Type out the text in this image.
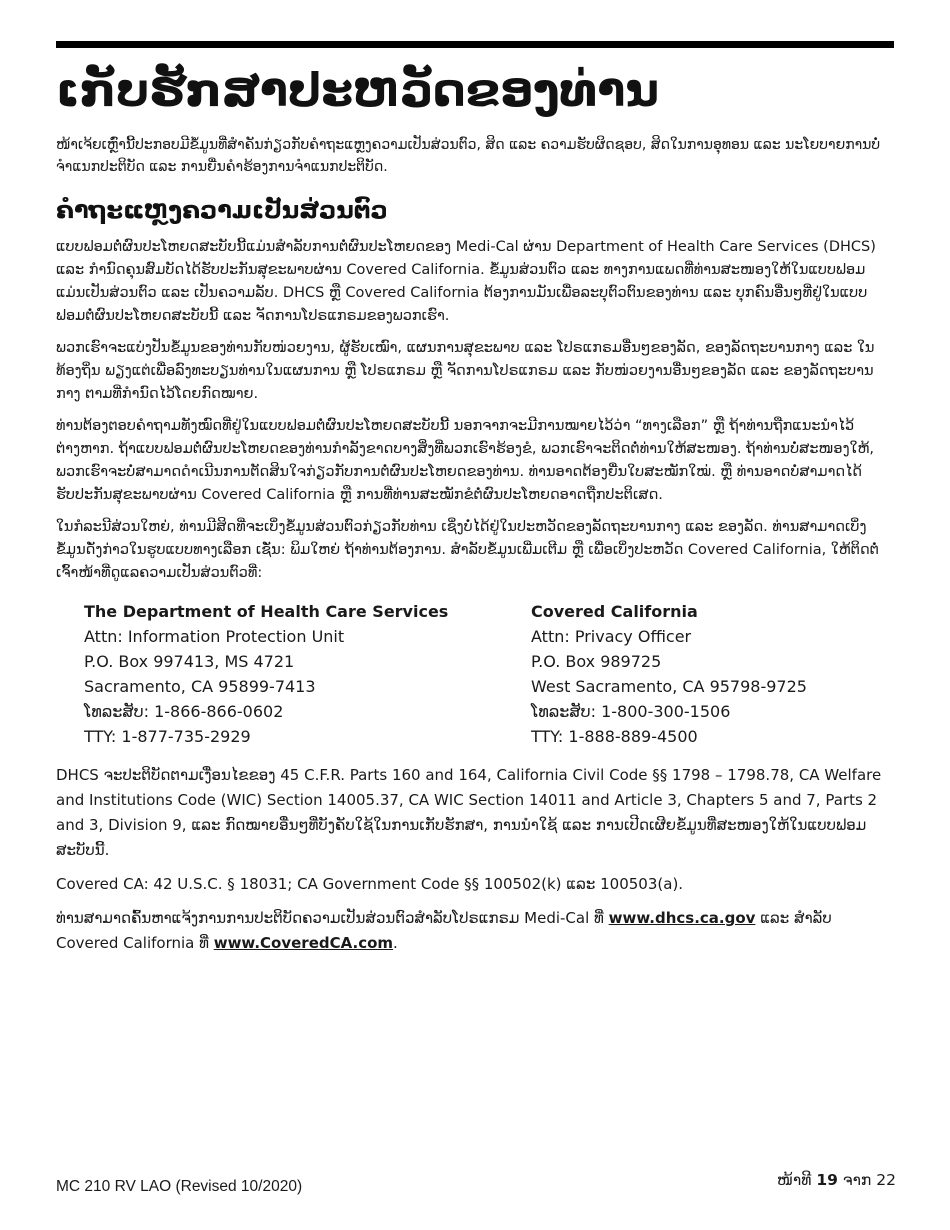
ເກັບຮັກສາປະຫວັດຂອງທ່ານ

ໜ້າເຈ້ຍເຫຼົ່ານີ້ປະກອບມີຂໍ້ມູນທີ່ສຳຄັນກ່ຽວກັບຄຳຖະແຫຼງຄວາມເປັນສ່ວນຕົວ, ສິດ ແລະ ຄວາມຮັບຜິດຊອບ, ສິດໃນການອຸທອນ ແລະ ນະໂຍບາຍການບໍ່ຈຳແນກປະຕິບັດ ແລະ ການຍື່ນຄຳຮ້ອງການຈຳແນກປະຕິບັດ.

ຄຳຖະແຫຼງຄວາມເປັນສ່ວນຕົວ

ແບບຟອມຕໍ່ຜົນປະໂຫຍດສະບັບນີ້ແມ່ນສຳລັບການຕໍ່ຜົນປະໂຫຍດຂອງ Medi-Cal ຜ່ານ Department of Health Care Services (DHCS) ແລະ ກຳນົດຄຸນສົມບັດໄດ້ຮັບປະກັນສຸຂະພາບຜ່ານ Covered California. ຂໍ້ມູນສ່ວນຕົວ ແລະ ທາງການແພດທີ່ທ່ານສະໜອງໃຫ້ໃນແບບຟອມແມ່ນເປັນສ່ວນຕົວ ແລະ ເປັນຄວາມລັບ. DHCS ຫຼື Covered California ຕ້ອງການມັນເພື່ອລະບຸຕົວຕົນຂອງທ່ານ ແລະ ບຸກຄົນອື່ນໆທີ່ຢູ່ໃນແບບຟອມຕໍ່ຜົນປະໂຫຍດສະບັບນີ້ ແລະ ຈັດການໂປຣແກຣມຂອງພວກເຮົາ.

ພວກເຮົາຈະແບ່ງປັນຂໍ້ມູນຂອງທ່ານກັບໜ່ວຍງານ, ຜູ້ຮັບເໝົາ, ແຜນການສຸຂະພາບ ແລະ ໂປຣແກຣມອື່ນໆຂອງລັດ, ຂອງລັດຖະບານກາງ ແລະ ໃນທ້ອງຖິ່ນ ພຽງແຕ່ເພື່ອລົງທະບຽນທ່ານໃນແຜນການ ຫຼື ໂປຣແກຣມ ຫຼື ຈັດການໂປຣແກຣມ ແລະ ກັບໜ່ວຍງານອື່ນໆຂອງລັດ ແລະ ຂອງລັດຖະບານກາງ ຕາມທີ່ກຳນົດໄວ້ໂດຍກົດໝາຍ.

ທ່ານຕ້ອງຕອບຄຳຖາມທັງໝົດທີ່ຢູ່ໃນແບບຟອມຕໍ່ຜົນປະໂຫຍດສະບັບນີ້ ນອກຈາກຈະມີການໝາຍໄວ້ວ່າ “ທາງເລືອກ” ຫຼື ຖ້າທ່ານຖືກແນະນຳໄວ້ຕ່າງຫາກ. ຖ້າແບບຟອມຕໍ່ຜົນປະໂຫຍດຂອງທ່ານກຳລັງຂາດບາງສິ່ງທີ່ພວກເຮົາຮ້ອງຂໍ, ພວກເຮົາຈະຕິດຕໍ່ທ່ານໃຫ້ສະໜອງ. ຖ້າທ່ານບໍ່ສະໜອງໃຫ້, ພວກເຮົາຈະບໍ່ສາມາດດຳເນີນການຕັດສິນໃຈກ່ຽວກັບການຕໍ່ຜົນປະໂຫຍດຂອງທ່ານ. ທ່ານອາດຕ້ອງຍື່ນໃບສະໝັກໃໝ່. ຫຼື ທ່ານອາດບໍ່ສາມາດໄດ້ຮັບປະກັນສຸຂະພາບຜ່ານ Covered California ຫຼື ການທີ່ທ່ານສະໝັກຂໍຕໍ່ຜົນປະໂຫຍດອາດຖືກປະຕິເສດ.

ໃນກໍລະນີສ່ວນໃຫຍ່, ທ່ານມີສິດທີ່ຈະເບິ່ງຂໍ້ມູນສ່ວນຕົວກ່ຽວກັບທ່ານ ເຊິ່ງບໍ່ໄດ້ຢູ່ໃນປະຫວັດຂອງລັດຖະບານກາງ ແລະ ຂອງລັດ. ທ່ານສາມາດເບິ່ງຂໍ້ມູນດັ່ງກ່າວໃນຮູບແບບທາງເລືອກ ເຊັ່ນ: ພິມໃຫຍ່ ຖ້າທ່ານຕ້ອງການ. ສຳລັບຂໍ້ມູນເພີ່ມເຕີມ ຫຼື ເພື່ອເບິ່ງປະຫວັດ Covered California, ໃຫ້ຕິດຕໍ່ເຈົ້າໜ້າທີ່ດູແລຄວາມເປັນສ່ວນຕົວທີ່:

The Department of Health Care Services
Attn: Information Protection Unit
P.O. Box 997413, MS 4721
Sacramento, CA 95899-7413
ໂທລະສັບ: 1-866-866-0602
TTY: 1-877-735-2929
Covered California
Attn: Privacy Officer
P.O. Box 989725
West Sacramento, CA 95798-9725
ໂທລະສັບ: 1-800-300-1506
TTY: 1-888-889-4500

DHCS ຈະປະຕິບັດຕາມເງື່ອນໄຂຂອງ 45 C.F.R. Parts 160 and 164, California Civil Code §§ 1798 – 1798.78, CA Welfare and Institutions Code (WIC) Section 14005.37, CA WIC Section 14011 and Article 3, Chapters 5 and 7, Parts 2 and 3, Division 9, ແລະ ກົດໝາຍອື່ນໆທີ່ບັງຄັບໃຊ້ໃນການເກັບຮັກສາ, ການນຳໃຊ້ ແລະ ການເປີດເຜີຍຂໍ້ມູນທີ່ສະໜອງໃຫ້ໃນແບບຟອມສະບັບນີ້.

Covered CA: 42 U.S.C. § 18031; CA Government Code §§ 100502(k) ແລະ 100503(a).

ທ່ານສາມາດຄົ້ນຫາແຈ້ງການການປະຕິບັດຄວາມເປັນສ່ວນຕົວສຳລັບໂປຣແກຣມ Medi-Cal ທີ່ www.dhcs.ca.gov ແລະ ສຳລັບ Covered California ທີ່ www.CoveredCA.com.

MC 210 RV LAO (Revised 10/2020)	ໜ້າທີ 19 ຈາກ 22
